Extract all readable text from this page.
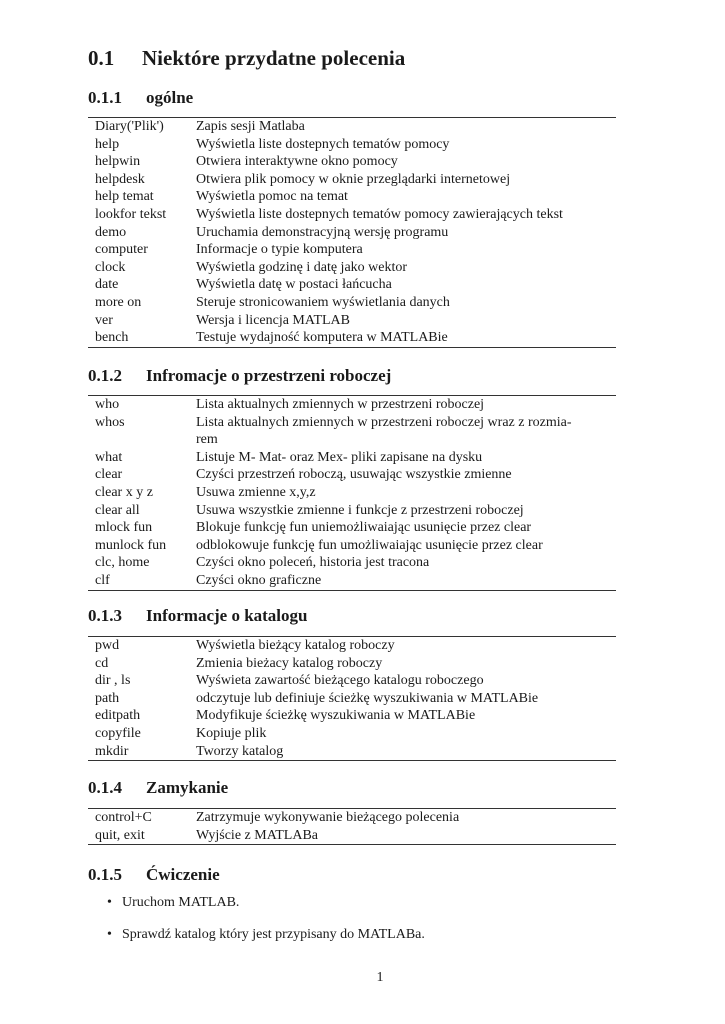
0.1 Niektóre przydatne polecenia
0.1.1 ogólne
Diary('Plik')	Zapis sesji Matlaba
help	Wyświetla liste dostepnych tematów pomocy
helpwin	Otwiera interaktywne okno pomocy
helpdesk	Otwiera plik pomocy w oknie przeglądarki internetowej
help temat	Wyświetla pomoc na temat
lookfor tekst	Wyświetla liste dostepnych tematów pomocy zawierających tekst
demo	Uruchamia demonstracyjną wersję programu
computer	Informacje o typie komputera
clock	Wyświetla godzinę i datę jako wektor
date	Wyświetla datę w postaci łańcucha
more on	Steruje stronicowaniem wyświetlania danych
ver	Wersja i licencja MATLAB
bench	Testuje wydajność komputera w MATLABie
0.1.2 Infromacje o przestrzeni roboczej
who	Lista aktualnych zmiennych w przestrzeni roboczej
whos	Lista aktualnych zmiennych w przestrzeni roboczej wraz z rozmia-
rem
what	Listuje M- Mat- oraz Mex- pliki zapisane na dysku
clear	Czyści przestrzeń roboczą, usuwając wszystkie zmienne
clear x y z	Usuwa zmienne x,y,z
clear all	Usuwa wszystkie zmienne i funkcje z przestrzeni roboczej
mlock fun	Blokuje funkcję fun uniemożliwaiając usunięcie przez clear
munlock fun	odblokowuje funkcję fun umożliwaiając usunięcie przez clear
clc, home	Czyści okno poleceń, historia jest tracona
clf	Czyści okno graficzne
0.1.3 Informacje o katalogu
pwd	Wyświetla bieżący katalog roboczy
cd	Zmienia bieżacy katalog roboczy
dir , ls	Wyświeta zawartość bieżącego katalogu roboczego
path	odczytuje lub definiuje ścieżkę wyszukiwania w MATLABie
editpath	Modyfikuje ścieżkę wyszukiwania w MATLABie
copyfile	Kopiuje plik
mkdir	Tworzy katalog
0.1.4 Zamykanie
control+C	Zatrzymuje wykonywanie bieżącego polecenia
quit, exit	Wyjście z MATLABa
0.1.5 Ćwiczenie
• Uruchom MATLAB.
• Sprawdź katalog który jest przypisany do MATLABa.
1
